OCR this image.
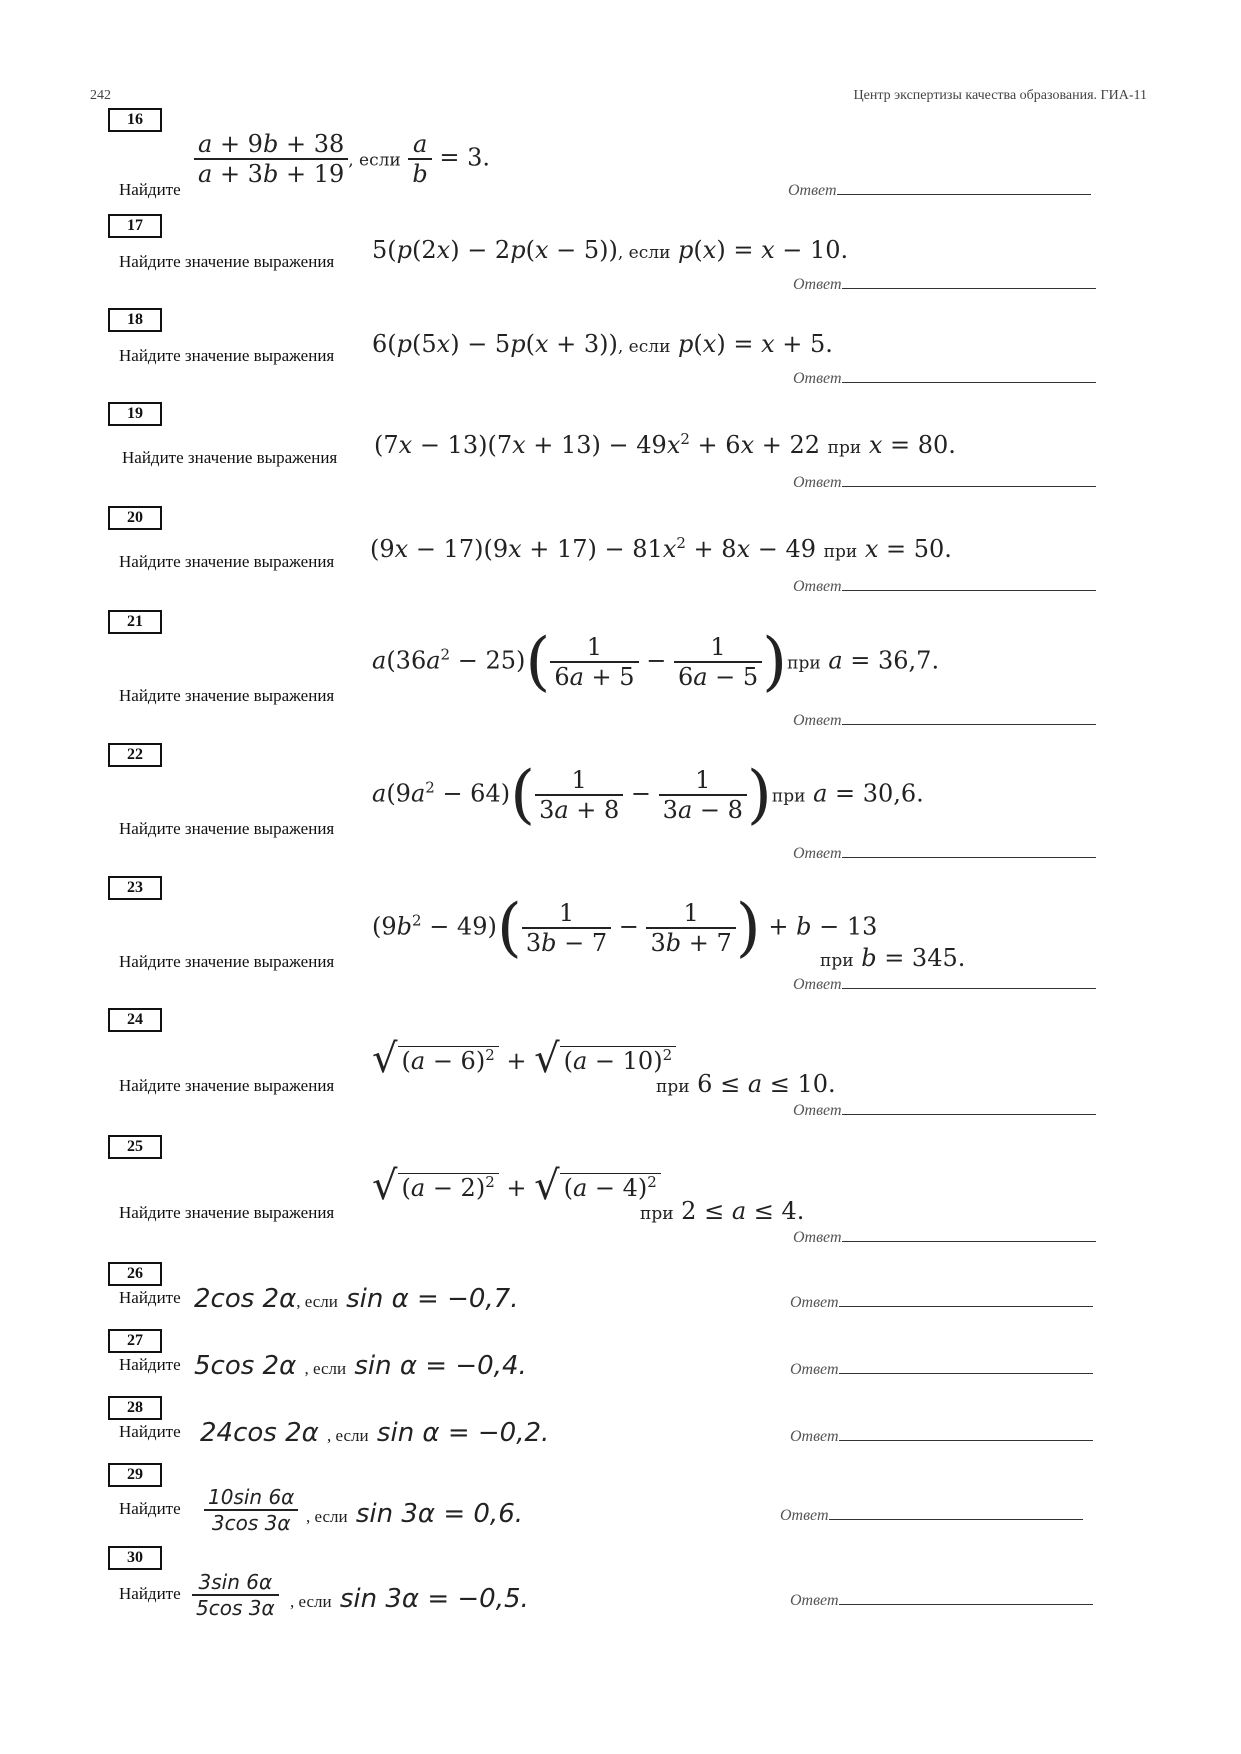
242	Центр экспертизы качества образования. ГИА-11
16
Найдите
$\frac{a + 9b + 38}{a + 3b + 19}$ , если $\frac{a}{b} = 3$.
Ответ
17
Найдите значение выражения 5(p(2x) − 2p(x − 5)), если p(x) = x − 10.
Ответ
18
Найдите значение выражения 6(p(5x) − 5p(x + 3)), если p(x) = x + 5.
Ответ
19
Найдите значение выражения $(7x - 13)(7x + 13) - 49x^2 + 6x + 22$ при x = 80.
Ответ
20
Найдите значение выражения $(9x - 17)(9x + 17) - 81x^2 + 8x - 49$ при x = 50.
Ответ
21
Найдите значение выражения
$a(36a^2 - 25)( \frac{1}{6a + 5} - \frac{1}{6a - 5} )при$ a = 36,7.
Ответ
22
Найдите значение выражения
$a(9a^2 - 64)( \frac{1}{3a + 8} - \frac{1}{3a - 8} )при$ a = 30,6.
Ответ
23
Найдите значение выражения
$(9b^2 - 49)( \frac{1}{3b - 7} - \frac{1}{3b + 7}$ ) + b − 13
при b = 345.
Ответ
24
Найдите значение выражения
√ $(a - 6)^2$ + √ $(a - 10)^2$
при 6 ≤ a ≤ 10.
Ответ
25
Найдите значение выражения
√ $(a - 2)^2$ + √ $(a - 4)^2$
при 2 ≤ a ≤ 4.
Ответ
26
Найдите 2cos 2α, если sin α = −0,7.	Ответ
27
Найдите 5cos 2α , если sin α = −0,4.	Ответ
28
Найдите 24cos 2α , если sin α = −0,2.	Ответ
29
Найдите $\frac{10\sin 6\alpha}{3\cos 3\alpha}$ , если sin 3α = 0,6.	Ответ
30
Найдите $\frac{3\sin 6\alpha}{5\cos 3\alpha}$ , если sin 3α = −0,5.	Ответ
